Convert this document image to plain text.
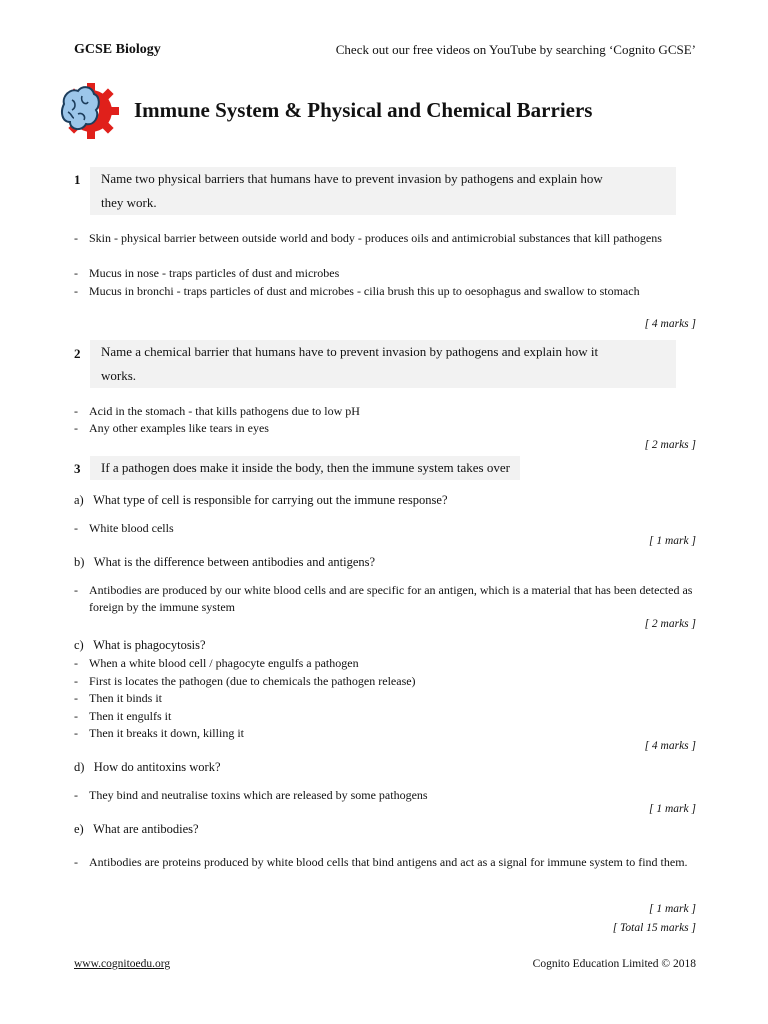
GCSE Biology	Check out our free videos on YouTube by searching ‘Cognito GCSE’
Immune System & Physical and Chemical Barriers
1	Name two physical barriers that humans have to prevent invasion by pathogens and explain how
they work.
- Skin - physical barrier between outside world and body - produces oils and antimicrobial substances that kill pathogens
- Mucus in nose - traps particles of dust and microbes
- Mucus in bronchi - traps particles of dust and microbes - cilia brush this up to oesophagus and swallow to stomach
[ 4 marks ]
2	Name a chemical barrier that humans have to prevent invasion by pathogens and explain how it
works.
- Acid in the stomach - that kills pathogens due to low pH
- Any other examples like tears in eyes
[ 2 marks ]
3	If a pathogen does make it inside the body, then the immune system takes over
a) What type of cell is responsible for carrying out the immune response?
- White blood cells
[ 1 mark ]
b) What is the difference between antibodies and antigens?
- Antibodies are produced by our white blood cells and are specific for an antigen, which is a material that has been detected as foreign by the immune system
[ 2 marks ]
c) What is phagocytosis?
- When a white blood cell / phagocyte engulfs a pathogen
- First is locates the pathogen (due to chemicals the pathogen release)
- Then it binds it
- Then it engulfs it
- Then it breaks it down, killing it
[ 4 marks ]
d) How do antitoxins work?
- They bind and neutralise toxins which are released by some pathogens
[ 1 mark ]
e) What are antibodies?
- Antibodies are proteins produced by white blood cells that bind antigens and act as a signal for immune system to find them.
[ 1 mark ]
[ Total 15 marks ]
www.cognitoedu.org	Cognito Education Limited © 2018
